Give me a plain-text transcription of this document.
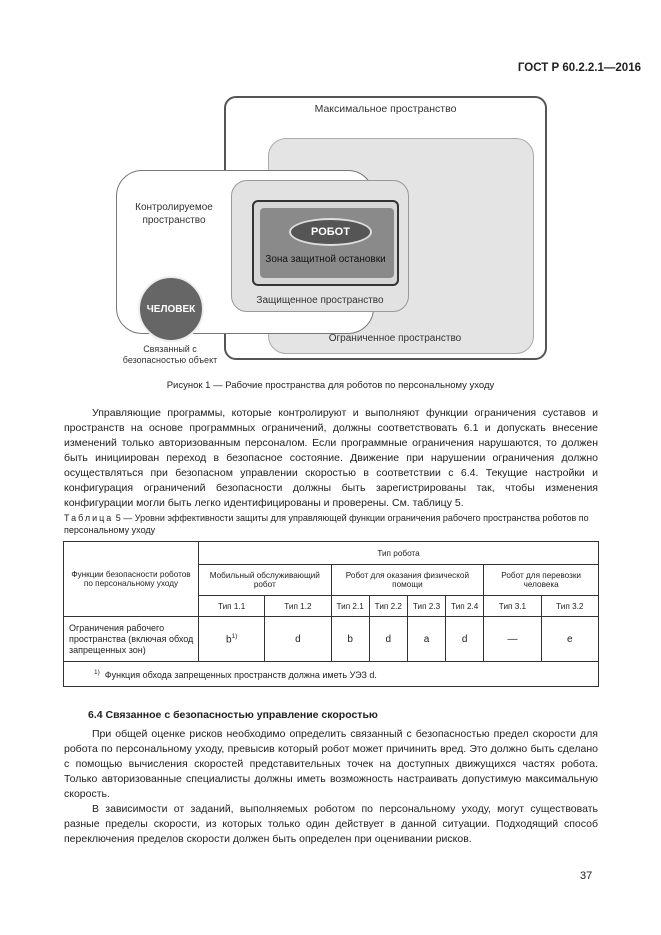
ГОСТ Р 60.2.2.1—2016
Максимальное пространство
Контролируемое
пространство
РОБОТ
Зона защитной остановки
Защищенное пространство
Ограниченное пространство
ЧЕЛОВЕК
Связанный с
безопасностью объект
Рисунок 1 — Рабочие пространства для роботов по персональному уходу

Управляющие программы, которые контролируют и выполняют функции ограничения суставов и пространств на основе программных ограничений, должны соответствовать 6.1 и допускать внесение изменений только авторизованным персоналом. Если программные ограничения нарушаются, то должен быть инициирован переход в безопасное состояние. Движение при нарушении ограничения должно осуществляться при безопасном управлении скоростью в соответствии с 6.4. Текущие настройки и конфигурация ограничений безопасности должны быть зарегистрированы так, чтобы изменения конфигурации могли быть легко идентифицированы и проверены. См. таблицу 5.

Таблица 5 — Уровни эффективности защиты для управляющей функции ограничения рабочего пространства роботов по персональному уходу
Функции безопасности роботов по персональному уходу	Тип робота							
	Мобильный обслуживающий робот		Робот для оказания физической помощи				Робот для перевозки человека	
	Тип 1.1	Тип 1.2	Тип 2.1	Тип 2.2	Тип 2.3	Тип 2.4	Тип 3.1	Тип 3.2
Ограничения рабочего пространства (включая обход запрещенных зон)	$b^{1)}$	d	b	d	a	d	—	e
$^{1)}$ Функция обхода запрещенных пространств должна иметь УЭЗ d.								
6.4 Связанное с безопасностью управление скоростью

При общей оценке рисков необходимо определить связанный с безопасностью предел скорости для робота по персональному уходу, превысив который робот может причинить вред. Это должно быть сделано с помощью вычисления скоростей представительных точек на доступных движущихся частях робота. Только авторизованные специалисты должны иметь возможность настраивать допустимую максимальную скорость.

В зависимости от заданий, выполняемых роботом по персональному уходу, могут существовать разные пределы скорости, из которых только один действует в данной ситуации. Подходящий способ переключения пределов скорости должен быть определен при оценивании рисков.

37
